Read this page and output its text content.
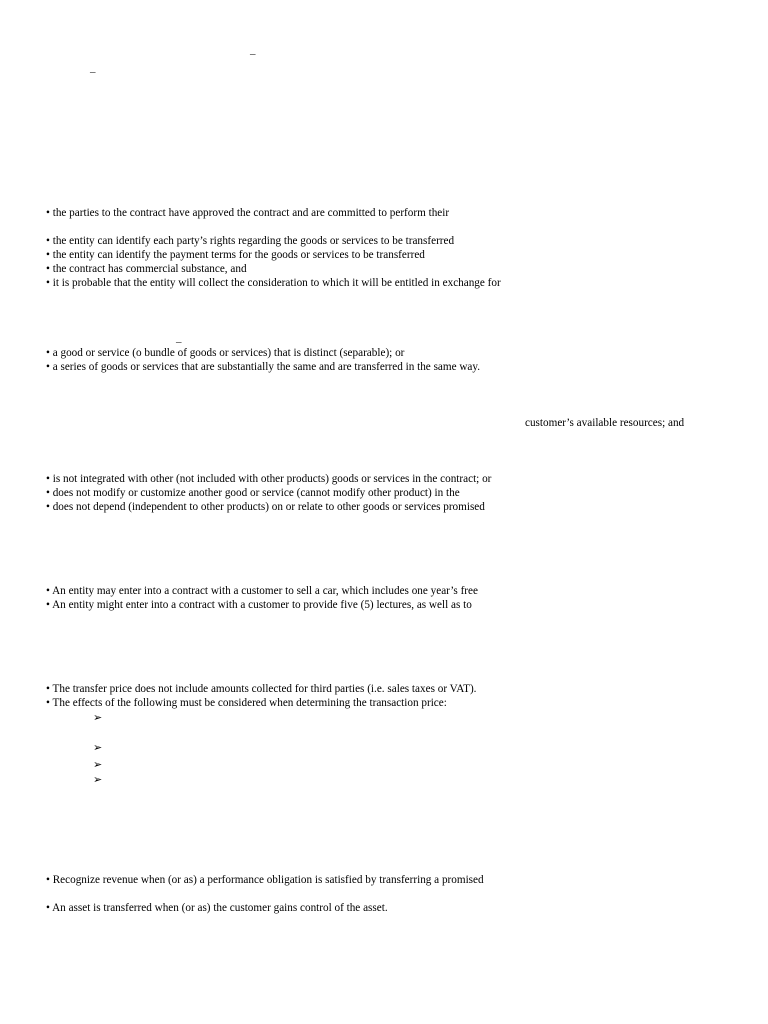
_
_
• the parties to the contract have approved the contract and are committed to perform their
• the entity can identify each party’s rights regarding the goods or services to be transferred
• the entity can identify the payment terms for the goods or services to be transferred
• the contract has commercial substance, and
• it is probable that the entity will collect the consideration to which it will be entitled in exchange for
_
• a good or service (o bundle of goods or services) that is distinct (separable); or
• a series of goods or services that are substantially the same and are transferred in the same way.
customer’s available resources; and
• is not integrated with other (not included with other products) goods or services in the contract; or
• does not modify or customize another good or service (cannot modify other product) in the
• does not depend (independent to other products) on or relate to other goods or services promised
• An entity may enter into a contract with a customer to sell a car, which includes one year’s free
• An entity might enter into a contract with a customer to provide five (5) lectures, as well as to
• The transfer price does not include amounts collected for third parties (i.e. sales taxes or VAT).
• The effects of the following must be considered when determining the transaction price:
➢
➢
➢
➢
• Recognize revenue when (or as) a performance obligation is satisfied by transferring a promised
• An asset is transferred when (or as) the customer gains control of the asset.
